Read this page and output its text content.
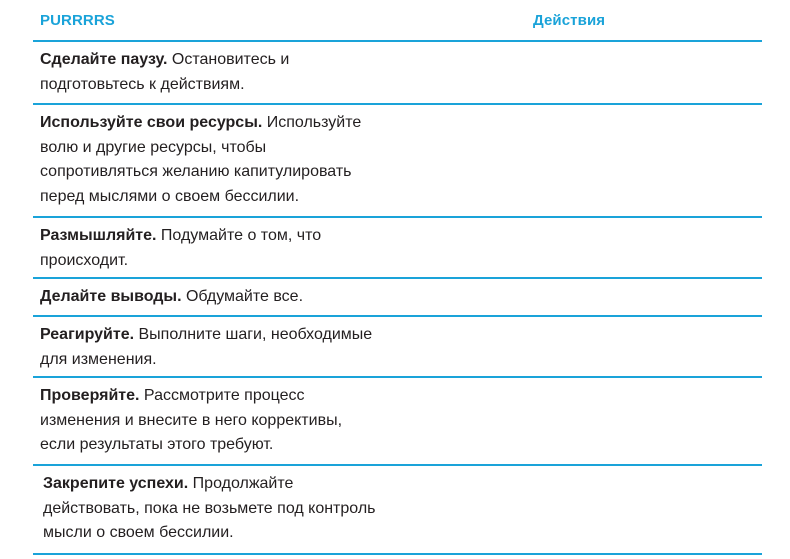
PURRRRS	Действия
Сделайте паузу. Остановитесь и подготовьтесь к действиям.
Используйте свои ресурсы. Используйте волю и другие ресурсы, чтобы сопротивляться желанию капитулировать перед мыслями о своем бессилии.
Размышляйте. Подумайте о том, что происходит.
Делайте выводы. Обдумайте все.
Реагируйте. Выполните шаги, необходимые для изменения.
Проверяйте. Рассмотрите процесс изменения и внесите в него коррективы, если результаты этого требуют.
Закрепите успехи. Продолжайте действовать, пока не возьмете под контроль мысли о своем бессилии.
